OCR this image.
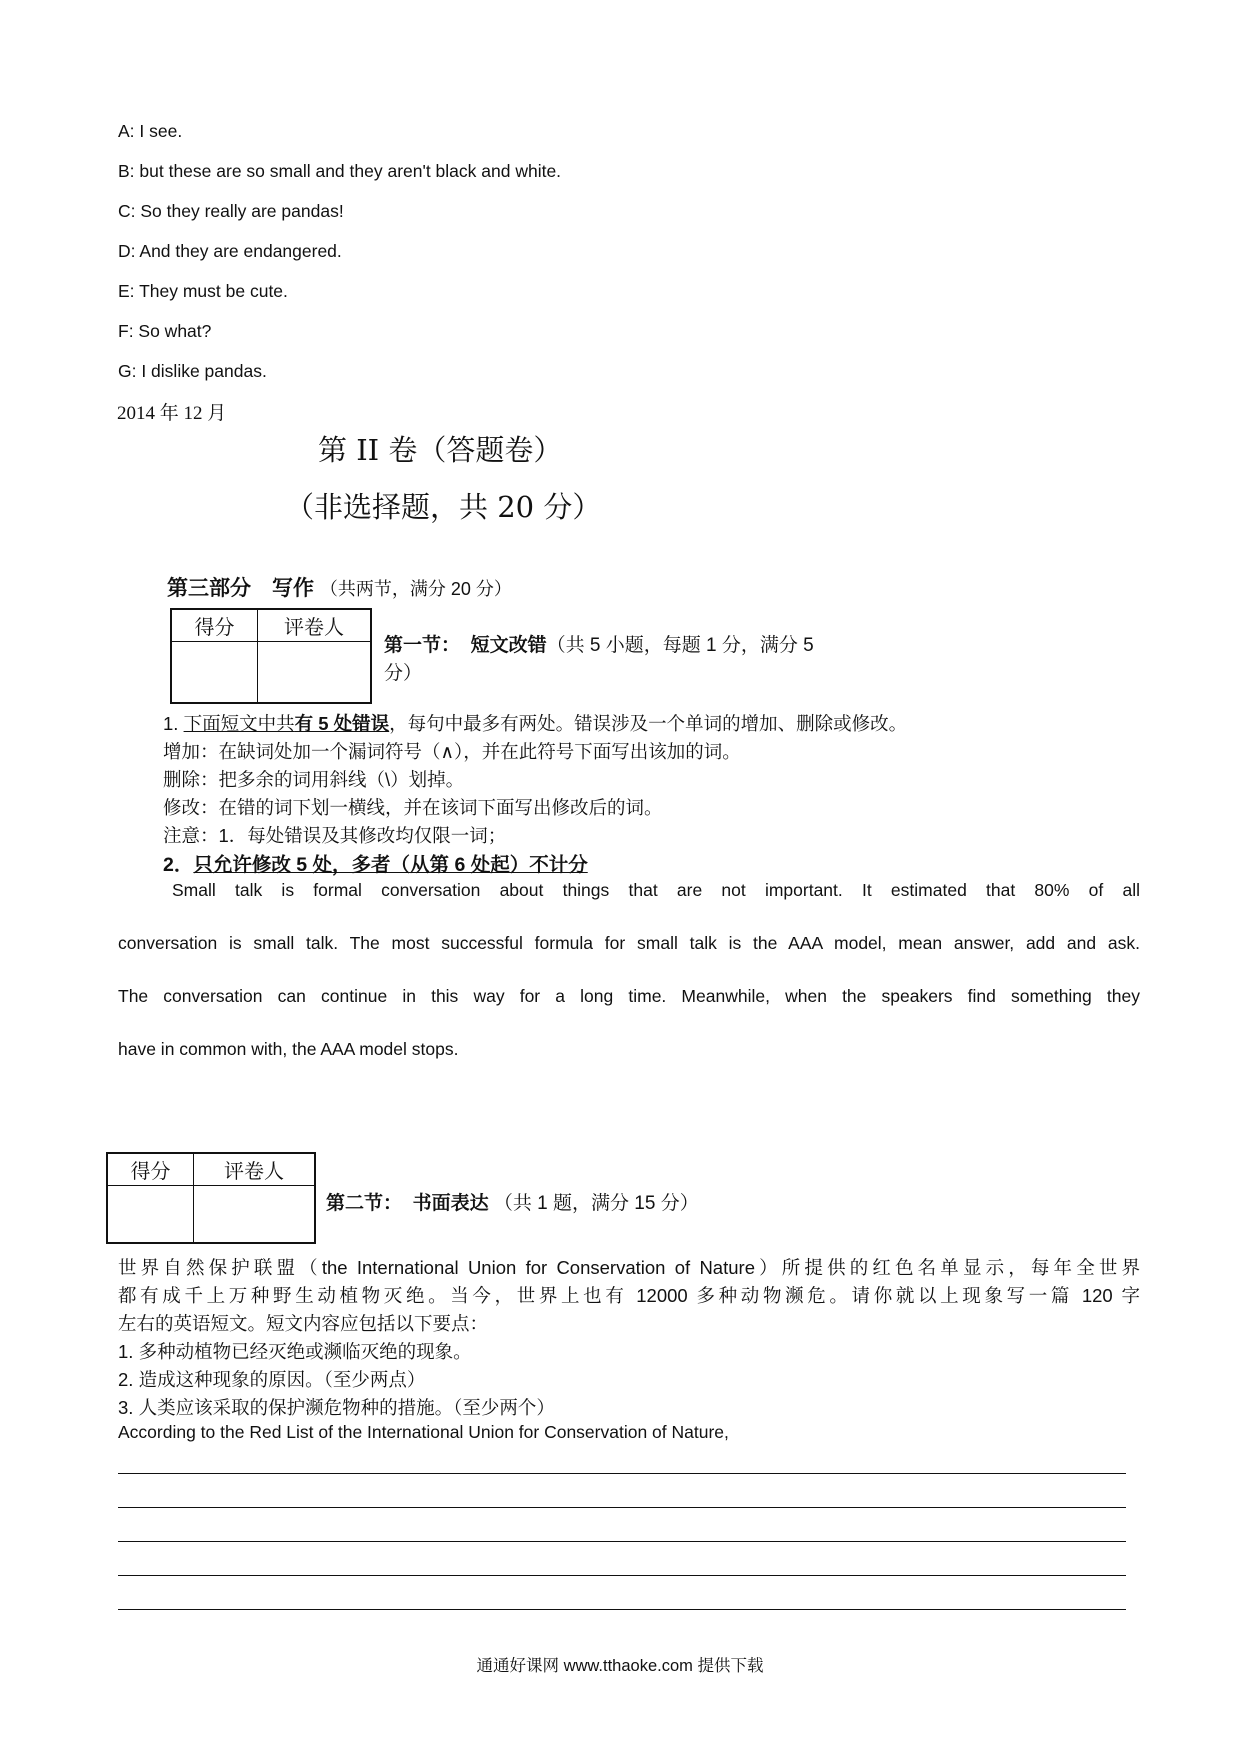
A: I see.
B: but these are so small and they aren't black and white.
C: So they really are pandas!
D: And they are endangered.
E: They must be cute.
F: So what?
G: I dislike pandas.
2014 年 12 月
第 II 卷（答题卷）
（非选择题，共 20 分）
第三部分　写作 （共两节，满分 20 分）
得分	评卷人

第一节： 短文改错（共 5 小题，每题 1 分，满分 5
分）
1. 下面短文中共有 5 处错误，每句中最多有两处。错误涉及一个单词的增加、删除或修改。
增加：在缺词处加一个漏词符号（∧），并在此符号下面写出该加的词。
删除：把多余的词用斜线（\）划掉。
修改：在错的词下划一横线，并在该词下面写出修改后的词。
注意：1．每处错误及其修改均仅限一词；
2．只允许修改 5 处，多者（从第 6 处起）不计分
Small talk is formal conversation about things that are not important. It estimated that 80% of all
conversation is small talk. The most successful formula for small talk is the AAA model, mean answer, add and ask.
The conversation can continue in this way for a long time. Meanwhile, when the speakers find something they
have in common with, the AAA model stops.
得分	评卷人

第二节： 书面表达 （共 1 题，满分 15 分）
世界自然保护联盟（the International Union for Conservation of Nature）所提供的红色名单显示，每年全世界
都有成千上万种野生动植物灭绝。当今，世界上也有 12000 多种动物濒危。请你就以上现象写一篇 120 字
左右的英语短文。短文内容应包括以下要点：
1. 多种动植物已经灭绝或濒临灭绝的现象。
2. 造成这种现象的原因。（至少两点）
3. 人类应该采取的保护濒危物种的措施。（至少两个）
According to the Red List of the International Union for Conservation of Nature,
通通好课网 www.tthaoke.com 提供下载
